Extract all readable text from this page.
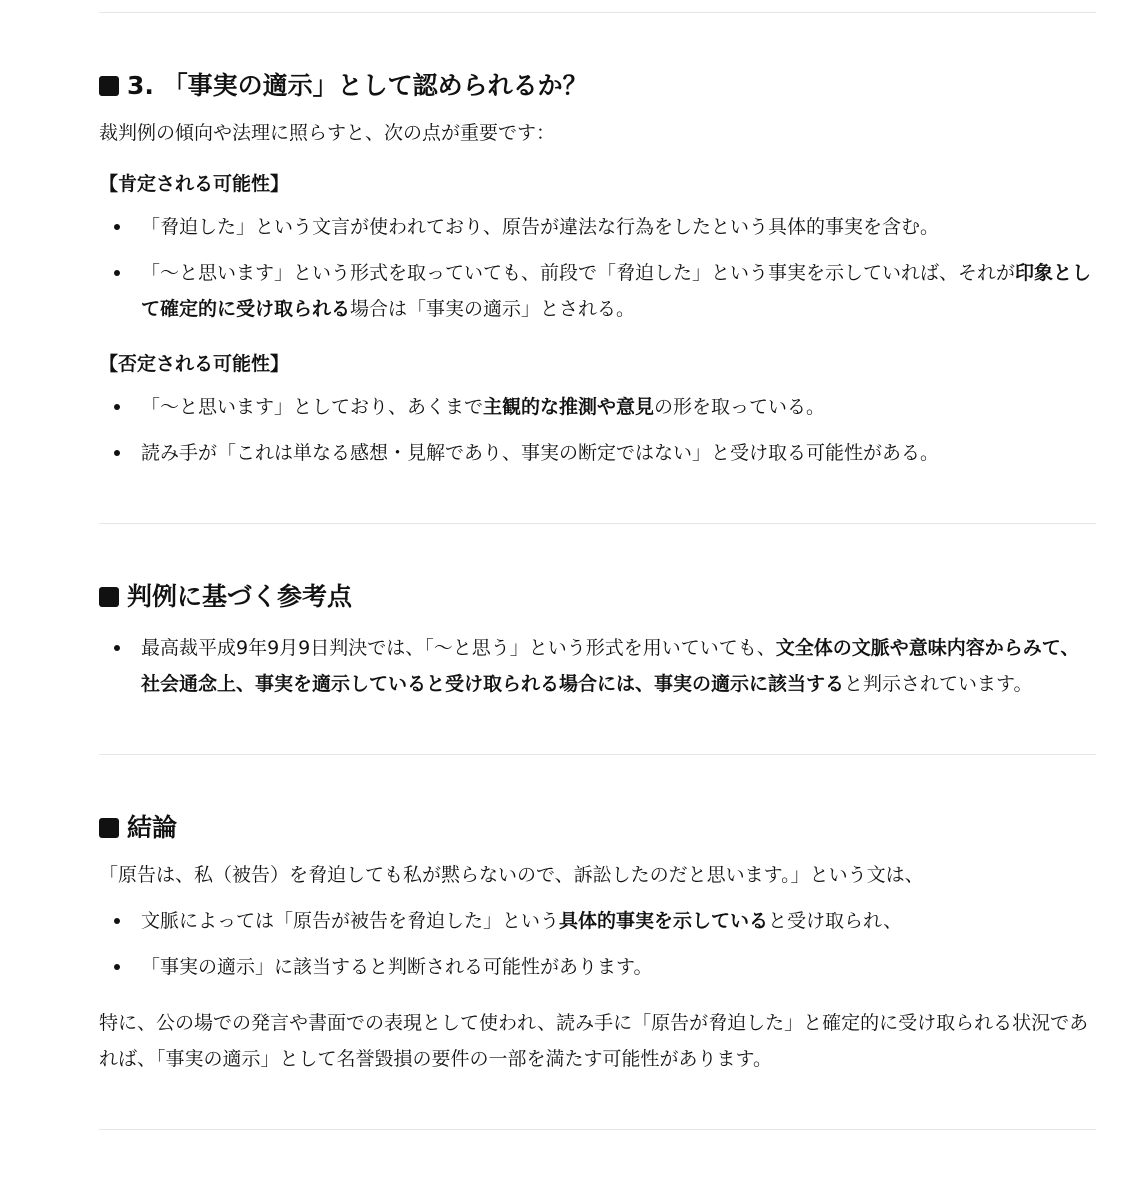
3. 「事実の適示」として認められるか？

裁判例の傾向や法理に照らすと、次の点が重要です：

【肯定される可能性】
「脅迫した」という文言が使われており、原告が違法な行為をしたという具体的事実を含む。
「〜と思います」という形式を取っていても、前段で「脅迫した」という事実を示していれば、それが印象として確定的に受け取られる場合は「事実の適示」とされる。
【否定される可能性】
「〜と思います」としており、あくまで主観的な推測や意見の形を取っている。
読み手が「これは単なる感想・見解であり、事実の断定ではない」と受け取る可能性がある。
判例に基づく参考点
最高裁平成9年9月9日判決では、「〜と思う」という形式を用いていても、文全体の文脈や意味内容からみて、社会通念上、事実を適示していると受け取られる場合には、事実の適示に該当すると判示されています。
結論

「原告は、私（被告）を脅迫しても私が黙らないので、訴訟したのだと思います。」という文は、

文脈によっては「原告が被告を脅迫した」という具体的事実を示していると受け取られ、
「事実の適示」に該当すると判断される可能性があります。

特に、公の場での発言や書面での表現として使われ、読み手に「原告が脅迫した」と確定的に受け取られる状況であれば、「事実の適示」として名誉毀損の要件の一部を満たす可能性があります。
